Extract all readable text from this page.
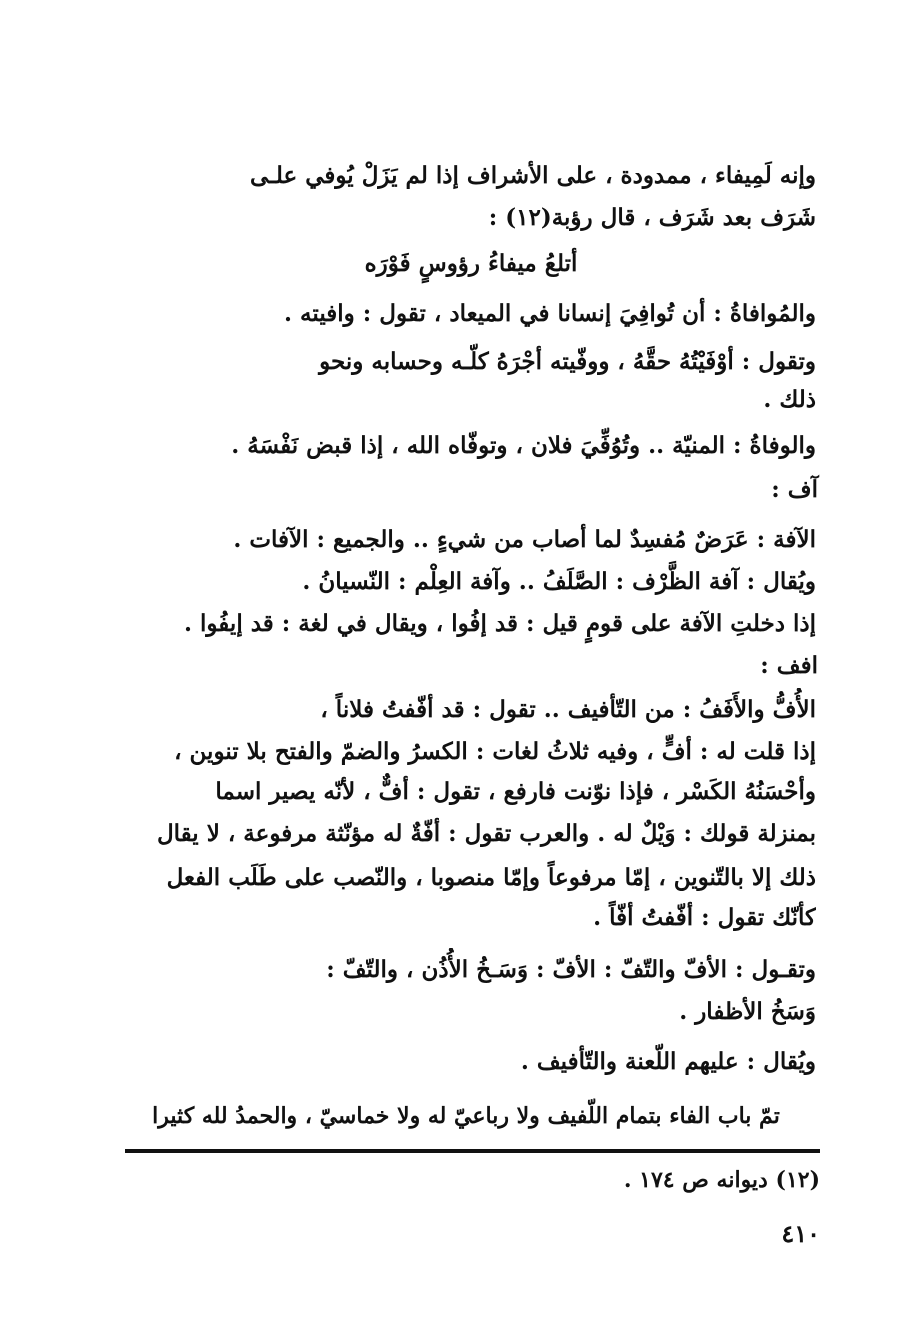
وإنه لَمِيفاء ، ممدودة ، على الأشراف إذا لم يَزَلْ يُوفي علـى
شَرَف بعد شَرَف ، قال رؤبة(١٢) :
أتلعُ ميفاءُ رؤوسٍ فَوْرَه
والمُوافاةُ : أن تُوافِيَ إنسانا في الميعاد ، تقول : وافيته .
وتقول : أوْفَيْتُهُ حقَّهُ ، ووفّيته أجْرَهُ كلّـه وحسابه ونحو
ذلك .
والوفاةُ : المنيّة .. وتُوُفِّيَ فلان ، وتوفّاه الله ، إذا قبض نَفْسَهُ .
آف :
الآفة : عَرَضٌ مُفسِدٌ لما أصاب من شيءٍ .. والجميع : الآفات .
ويُقال : آفة الظَّرْف : الصَّلَفُ .. وآفة العِلْم : النّسيانُ .
إذا دخلتِ الآفة على قومٍ قيل : قد إفُوا ، ويقال في لغة : قد إيفُوا .
افف :
الأُفُّ والأَفَفُ : من التّأفيف .. تقول : قد أفّفتُ فلاناً ،
إذا قلت له : أفٍّ ، وفيه ثلاثُ لغات : الكسرُ والضمّ والفتح بلا تنوين ،
وأحْسَنُهُ الكَسْر ، فإذا نوّنت فارفع ، تقول : أفٌّ ، لأنّه يصير اسما
بمنزلة قولك : وَيْلٌ له . والعرب تقول : أفّةٌ له مؤنّثة مرفوعة ، لا يقال
ذلك إلا بالتّنوين ، إمّا مرفوعاً وإمّا منصوبا ، والنّصب على طَلَب الفعل
كأنّك تقول : أفّفتُ أفّاً .
وتقـول : الأفّ والتّفّ : الأفّ : وَسَـخُ الأُذُن ، والتّفّ :
وَسَخُ الأظفار .
ويُقال : عليهم اللّعنة والتّأفيف .
تمّ باب الفاء بتمام اللّفيف ولا رباعيّ له ولا خماسيّ ، والحمدُ لله كثيرا
(١٢) ديوانه ص ١٧٤ .
٤١٠
